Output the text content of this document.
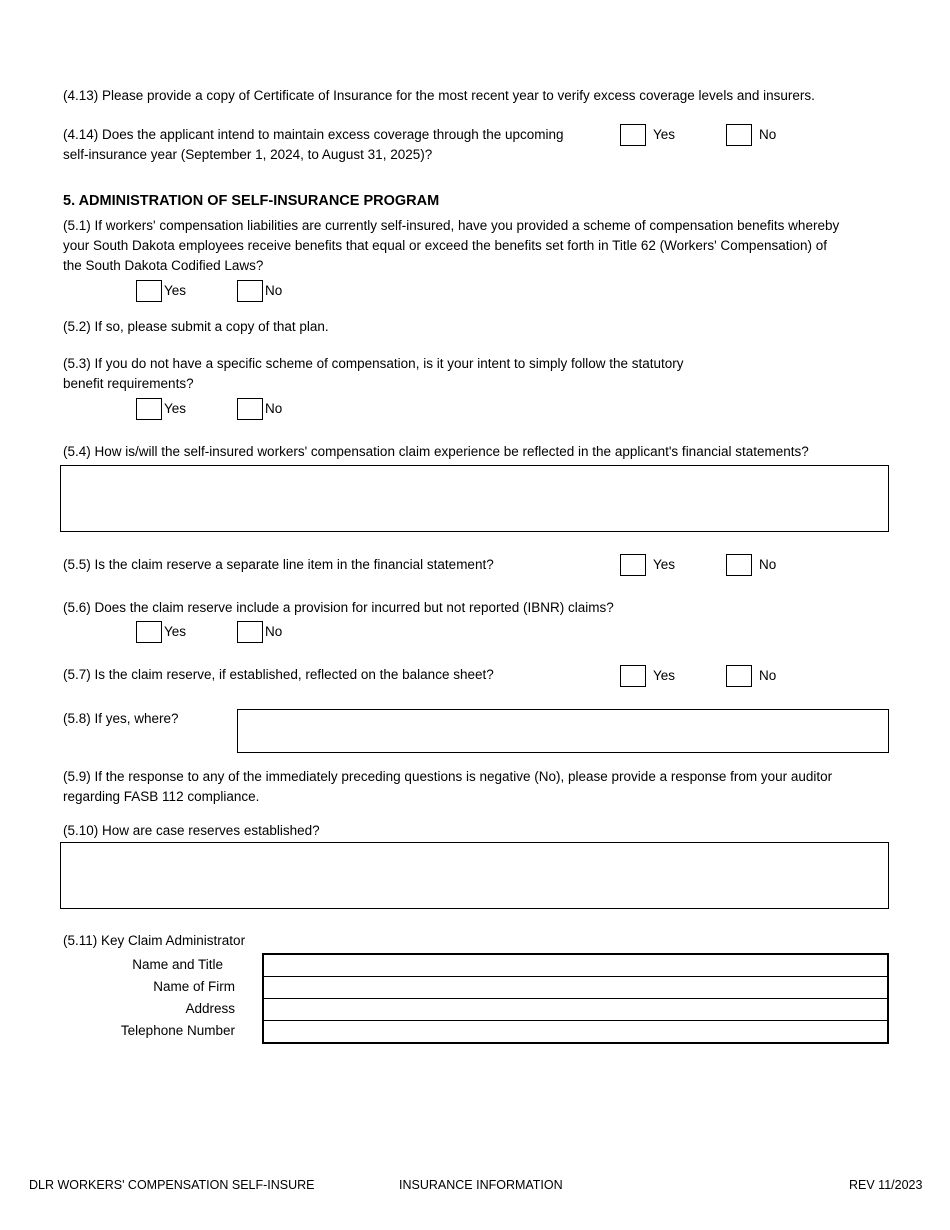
(4.13) Please provide a copy of Certificate of Insurance for the most recent year to verify excess coverage levels and insurers.
(4.14) Does the applicant intend to maintain excess coverage through the upcoming
self-insurance year (September 1, 2024, to August 31, 2025)?
Yes	No
5. ADMINISTRATION OF SELF-INSURANCE PROGRAM
(5.1) If workers' compensation liabilities are currently self-insured, have you provided a scheme of compensation benefits whereby
your South Dakota employees receive benefits that equal or exceed the benefits set forth in Title 62 (Workers' Compensation) of
the South Dakota Codified Laws?
Yes	No
(5.2) If so, please submit a copy of that plan.
(5.3) If you do not have a specific scheme of compensation, is it your intent to simply follow the statutory
benefit requirements?
Yes	No
(5.4) How is/will the self-insured workers' compensation claim experience be reflected in the applicant's financial statements?
(5.5) Is the claim reserve a separate line item in the financial statement?	Yes	No
(5.6) Does the claim reserve include a provision for incurred but not reported (IBNR) claims?
Yes	No
(5.7) Is the claim reserve, if established, reflected on the balance sheet?	Yes	No
(5.8) If yes, where?
(5.9) If the response to any of the immediately preceding questions is negative (No), please provide a response from your auditor
regarding FASB 112 compliance.
(5.10) How are case reserves established?
(5.11) Key Claim Administrator
Name and Title
Name of Firm
Address
Telephone Number
DLR WORKERS' COMPENSATION SELF-INSURE	INSURANCE INFORMATION	REV 11/2023
